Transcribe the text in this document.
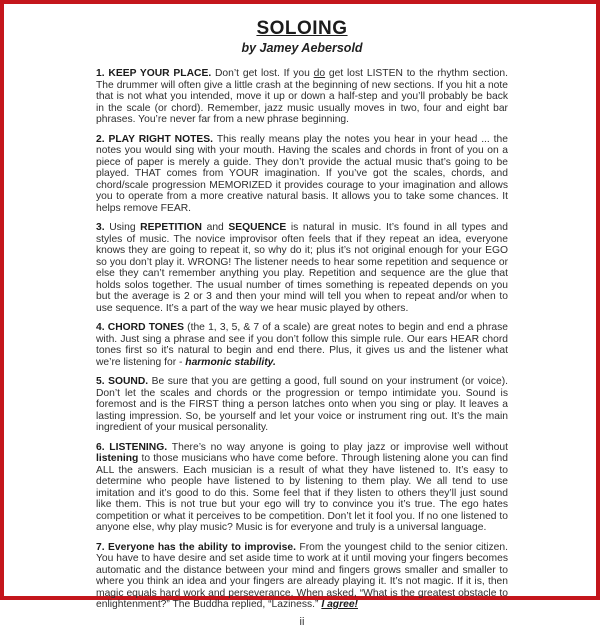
SOLOING
by Jamey Aebersold
1. KEEP YOUR PLACE. Don’t get lost. If you do get lost LISTEN to the rhythm section. The drummer will often give a little crash at the beginning of new sections. If you hit a note that is not what you intended, move it up or down a half-step and you’ll probably be back in the scale (or chord). Remember, jazz music usually moves in two, four and eight bar phrases. You’re never far from a new phrase beginning.
2. PLAY RIGHT NOTES. This really means play the notes you hear in your head ... the notes you would sing with your mouth. Having the scales and chords in front of you on a piece of paper is merely a guide. They don’t provide the actual music that’s going to be played. THAT comes from YOUR imagination. If you’ve got the scales, chords, and chord/scale progression MEMORIZED it provides courage to your imagination and allows you to operate from a more creative natural basis. It allows you to take some chances. It helps remove FEAR.
3. Using REPETITION and SEQUENCE is natural in music. It’s found in all types and styles of music. The novice improvisor often feels that if they repeat an idea, everyone knows they are going to repeat it, so why do it; plus it’s not original enough for your EGO so you don’t play it. WRONG! The listener needs to hear some repetition and sequence or else they can’t remember anything you play. Repetition and sequence are the glue that holds solos together. The usual number of times something is repeated depends on you but the average is 2 or 3 and then your mind will tell you when to repeat and/or when to use sequence. It’s a part of the way we hear music played by others.
4. CHORD TONES (the 1, 3, 5, & 7 of a scale) are great notes to begin and end a phrase with. Just sing a phrase and see if you don’t follow this simple rule. Our ears HEAR chord tones first so it’s natural to begin and end there. Plus, it gives us and the listener what we’re listening for - harmonic stability.
5. SOUND. Be sure that you are getting a good, full sound on your instrument (or voice). Don’t let the scales and chords or the progression or tempo intimidate you. Sound is foremost and is the FIRST thing a person latches onto when you sing or play. It leaves a lasting impression. So, be yourself and let your voice or instrument ring out. It’s the main ingredient of your musical personality.
6. LISTENING. There’s no way anyone is going to play jazz or improvise well without listening to those musicians who have come before. Through listening alone you can find ALL the answers. Each musician is a result of what they have listened to. It’s easy to determine who people have listened to by listening to them play. We all tend to use imitation and it’s good to do this. Some feel that if they listen to others they’ll just sound like them. This is not true but your ego will try to convince you it’s true. The ego hates competition or what it perceives to be competition. Don’t let it fool you. If no one listened to anyone else, why play music? Music is for everyone and truly is a universal language.
7. Everyone has the ability to improvise. From the youngest child to the senior citizen. You have to have desire and set aside time to work at it until moving your fingers becomes automatic and the distance between your mind and fingers grows smaller and smaller to where you think an idea and your fingers are already playing it. It’s not magic. If it is, then magic equals hard work and perseverance. When asked, “What is the greatest obstacle to enlightenment?” The Buddha replied, “Laziness.” I agree!
ii
